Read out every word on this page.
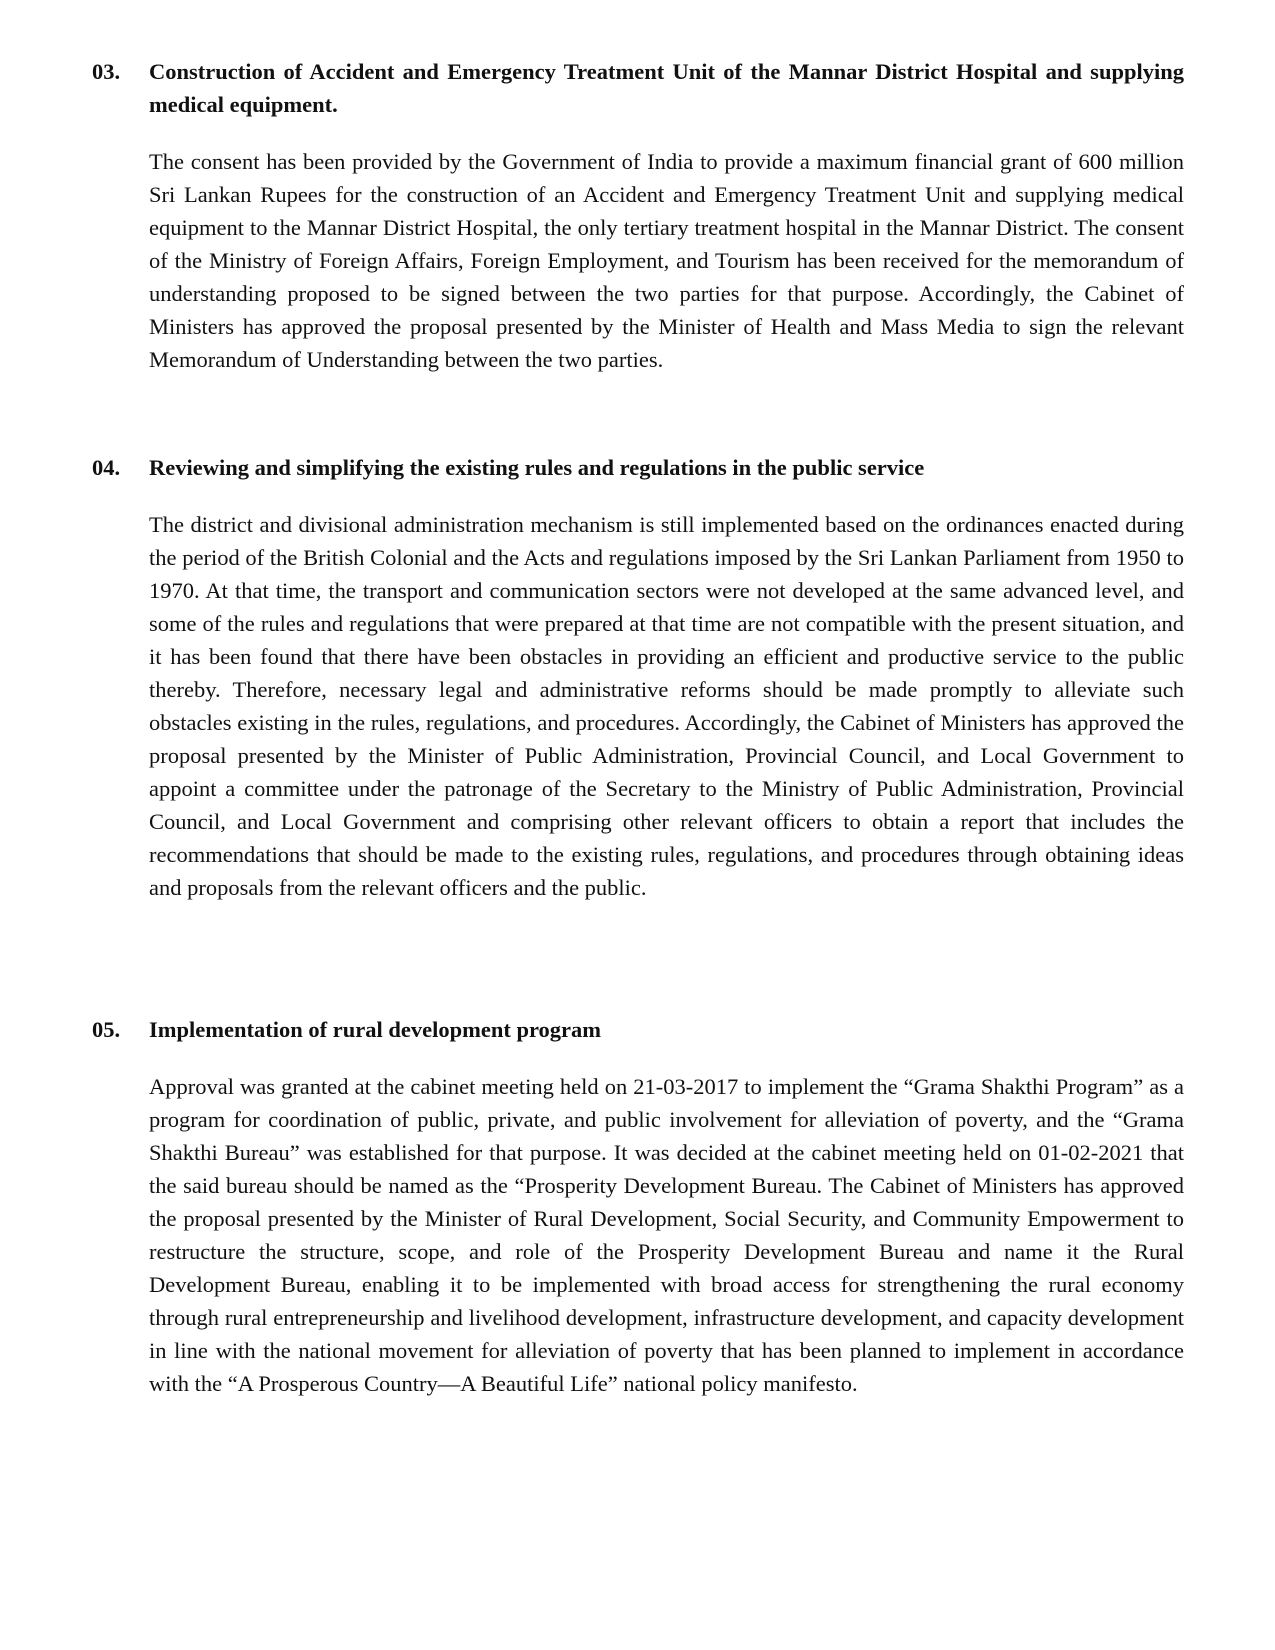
03.	Construction of Accident and Emergency Treatment Unit of the Mannar District Hospital and supplying medical equipment.

The consent has been provided by the Government of India to provide a maximum financial grant of 600 million Sri Lankan Rupees for the construction of an Accident and Emergency Treatment Unit and supplying medical equipment to the Mannar District Hospital, the only tertiary treatment hospital in the Mannar District. The consent of the Ministry of Foreign Affairs, Foreign Employment, and Tourism has been received for the memorandum of understanding proposed to be signed between the two parties for that purpose. Accordingly, the Cabinet of Ministers has approved the proposal presented by the Minister of Health and Mass Media to sign the relevant Memorandum of Understanding between the two parties.

04.	Reviewing and simplifying the existing rules and regulations in the public service

The district and divisional administration mechanism is still implemented based on the ordinances enacted during the period of the British Colonial and the Acts and regulations imposed by the Sri Lankan Parliament from 1950 to 1970. At that time, the transport and communication sectors were not developed at the same advanced level, and some of the rules and regulations that were prepared at that time are not compatible with the present situation, and it has been found that there have been obstacles in providing an efficient and productive service to the public thereby. Therefore, necessary legal and administrative reforms should be made promptly to alleviate such obstacles existing in the rules, regulations, and procedures. Accordingly, the Cabinet of Ministers has approved the proposal presented by the Minister of Public Administration, Provincial Council, and Local Government to appoint a committee under the patronage of the Secretary to the Ministry of Public Administration, Provincial Council, and Local Government and comprising other relevant officers to obtain a report that includes the recommendations that should be made to the existing rules, regulations, and procedures through obtaining ideas and proposals from the relevant officers and the public.

05.	Implementation of rural development program

Approval was granted at the cabinet meeting held on 21-03-2017 to implement the “Grama Shakthi Program” as a program for coordination of public, private, and public involvement for alleviation of poverty, and the “Grama Shakthi Bureau” was established for that purpose. It was decided at the cabinet meeting held on 01-02-2021 that the said bureau should be named as the “Prosperity Development Bureau. The Cabinet of Ministers has approved the proposal presented by the Minister of Rural Development, Social Security, and Community Empowerment to restructure the structure, scope, and role of the Prosperity Development Bureau and name it the Rural Development Bureau, enabling it to be implemented with broad access for strengthening the rural economy through rural entrepreneurship and livelihood development, infrastructure development, and capacity development in line with the national movement for alleviation of poverty that has been planned to implement in accordance with the “A Prosperous Country—A Beautiful Life” national policy manifesto.
